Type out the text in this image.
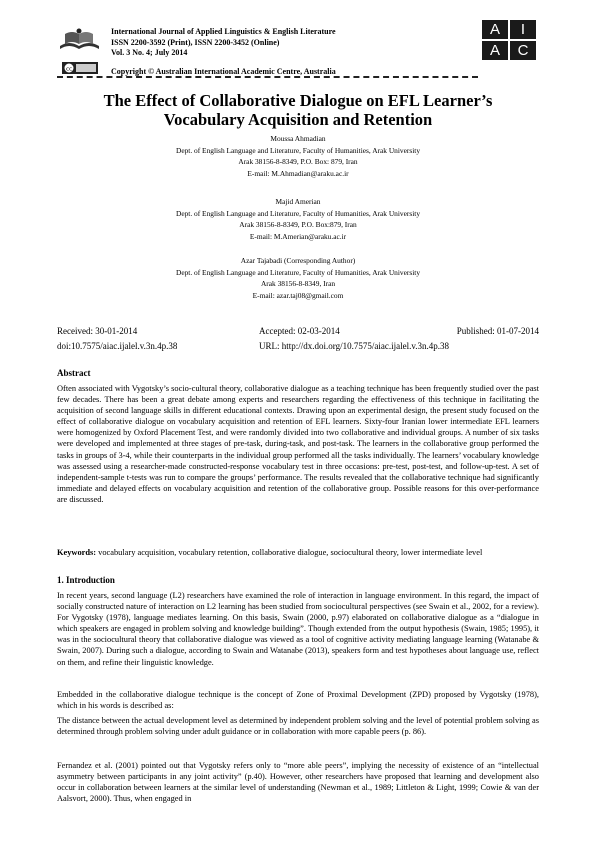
cc
International Journal of Applied Linguistics & English Literature
ISSN 2200-3592 (Print), ISSN 2200-3452 (Online)
Vol. 3 No. 4; July 2014
Copyright © Australian International Academic Centre, Australia
A	I
A	C
The Effect of Collaborative Dialogue on EFL Learner’s
Vocabulary Acquisition and Retention
Moussa Ahmadian
Dept. of English Language and Literature, Faculty of Humanities, Arak University
Arak 38156-8-8349, P.O. Box: 879, Iran
E-mail: M.Ahmadian@araku.ac.ir
Majid Amerian
Dept. of English Language and Literature, Faculty of Humanities, Arak University
Arak 38156-8-8349, P.O. Box:879, Iran
E-mail: M.Amerian@araku.ac.ir
Azar Tajabadi (Corresponding Author)
Dept. of English Language and Literature, Faculty of Humanities, Arak University
Arak 38156-8-8349, Iran
E-mail: azar.taj08@gmail.com
Received: 30-01-2014	Accepted: 02-03-2014	Published: 01-07-2014
doi:10.7575/aiac.ijalel.v.3n.4p.38	URL: http://dx.doi.org/10.7575/aiac.ijalel.v.3n.4p.38
Abstract
Often associated with Vygotsky’s socio-cultural theory, collaborative dialogue as a teaching technique has been frequently studied over the past few decades. There has been a great debate among experts and researchers regarding the effectiveness of this technique in facilitating the acquisition of second language skills in different educational contexts. Drawing upon an experimental design, the present study focused on the effect of collaborative dialogue on vocabulary acquisition and retention of EFL learners. Sixty-four Iranian lower intermediate EFL learners were homogenized by Oxford Placement Test, and were randomly divided into two collaborative and individual groups. A number of six tasks were developed and implemented at three stages of pre-task, during-task, and post-task. The learners in the collaborative group performed the tasks in groups of 3-4, while their counterparts in the individual group performed all the tasks individually. The learners’ vocabulary knowledge was assessed using a researcher-made constructed-response vocabulary test in three occasions: pre-test, post-test, and follow-up-test. A set of independent-sample t-tests was run to compare the groups’ performance. The results revealed that the collaborative technique had significantly immediate and delayed effects on vocabulary acquisition and retention of the collaborative group. Possible reasons for this over-performance are discussed.
Keywords: vocabulary acquisition, vocabulary retention, collaborative dialogue, sociocultural theory, lower intermediate level
1. Introduction
In recent years, second language (L2) researchers have examined the role of interaction in language environment. In this regard, the impact of socially constructed nature of interaction on L2 learning has been studied from sociocultural perspectives (see Swain et al., 2002, for a review). For Vygotsky (1978), language mediates learning. On this basis, Swain (2000, p.97) elaborated on collaborative dialogue as a “dialogue in which speakers are engaged in problem solving and knowledge building”. Though extended from the output hypothesis (Swain, 1985; 1995), it was in the sociocultural theory that collaborative dialogue was viewed as a tool of cognitive activity mediating language learning (Watanabe & Swain, 2007). During such a dialogue, according to Swain and Watanabe (2013), speakers form and test hypotheses about language use, reflect on them, and refine their linguistic knowledge.
Embedded in the collaborative dialogue technique is the concept of Zone of Proximal Development (ZPD) proposed by Vygotsky (1978), which in his words is described as:
The distance between the actual development level as determined by independent problem solving and the level of potential problem solving as determined through problem solving under adult guidance or in collaboration with more capable peers (p. 86).
Fernandez et al. (2001) pointed out that Vygotsky refers only to “more able peers”, implying the necessity of existence of an “intellectual asymmetry between participants in any joint activity” (p.40). However, other researchers have proposed that learning and development also occur in collaboration between learners at the similar level of understanding (Newman et al., 1989; Littleton & Light, 1999; Cowie & van der Aalsvort, 2000). Thus, when engaged in
